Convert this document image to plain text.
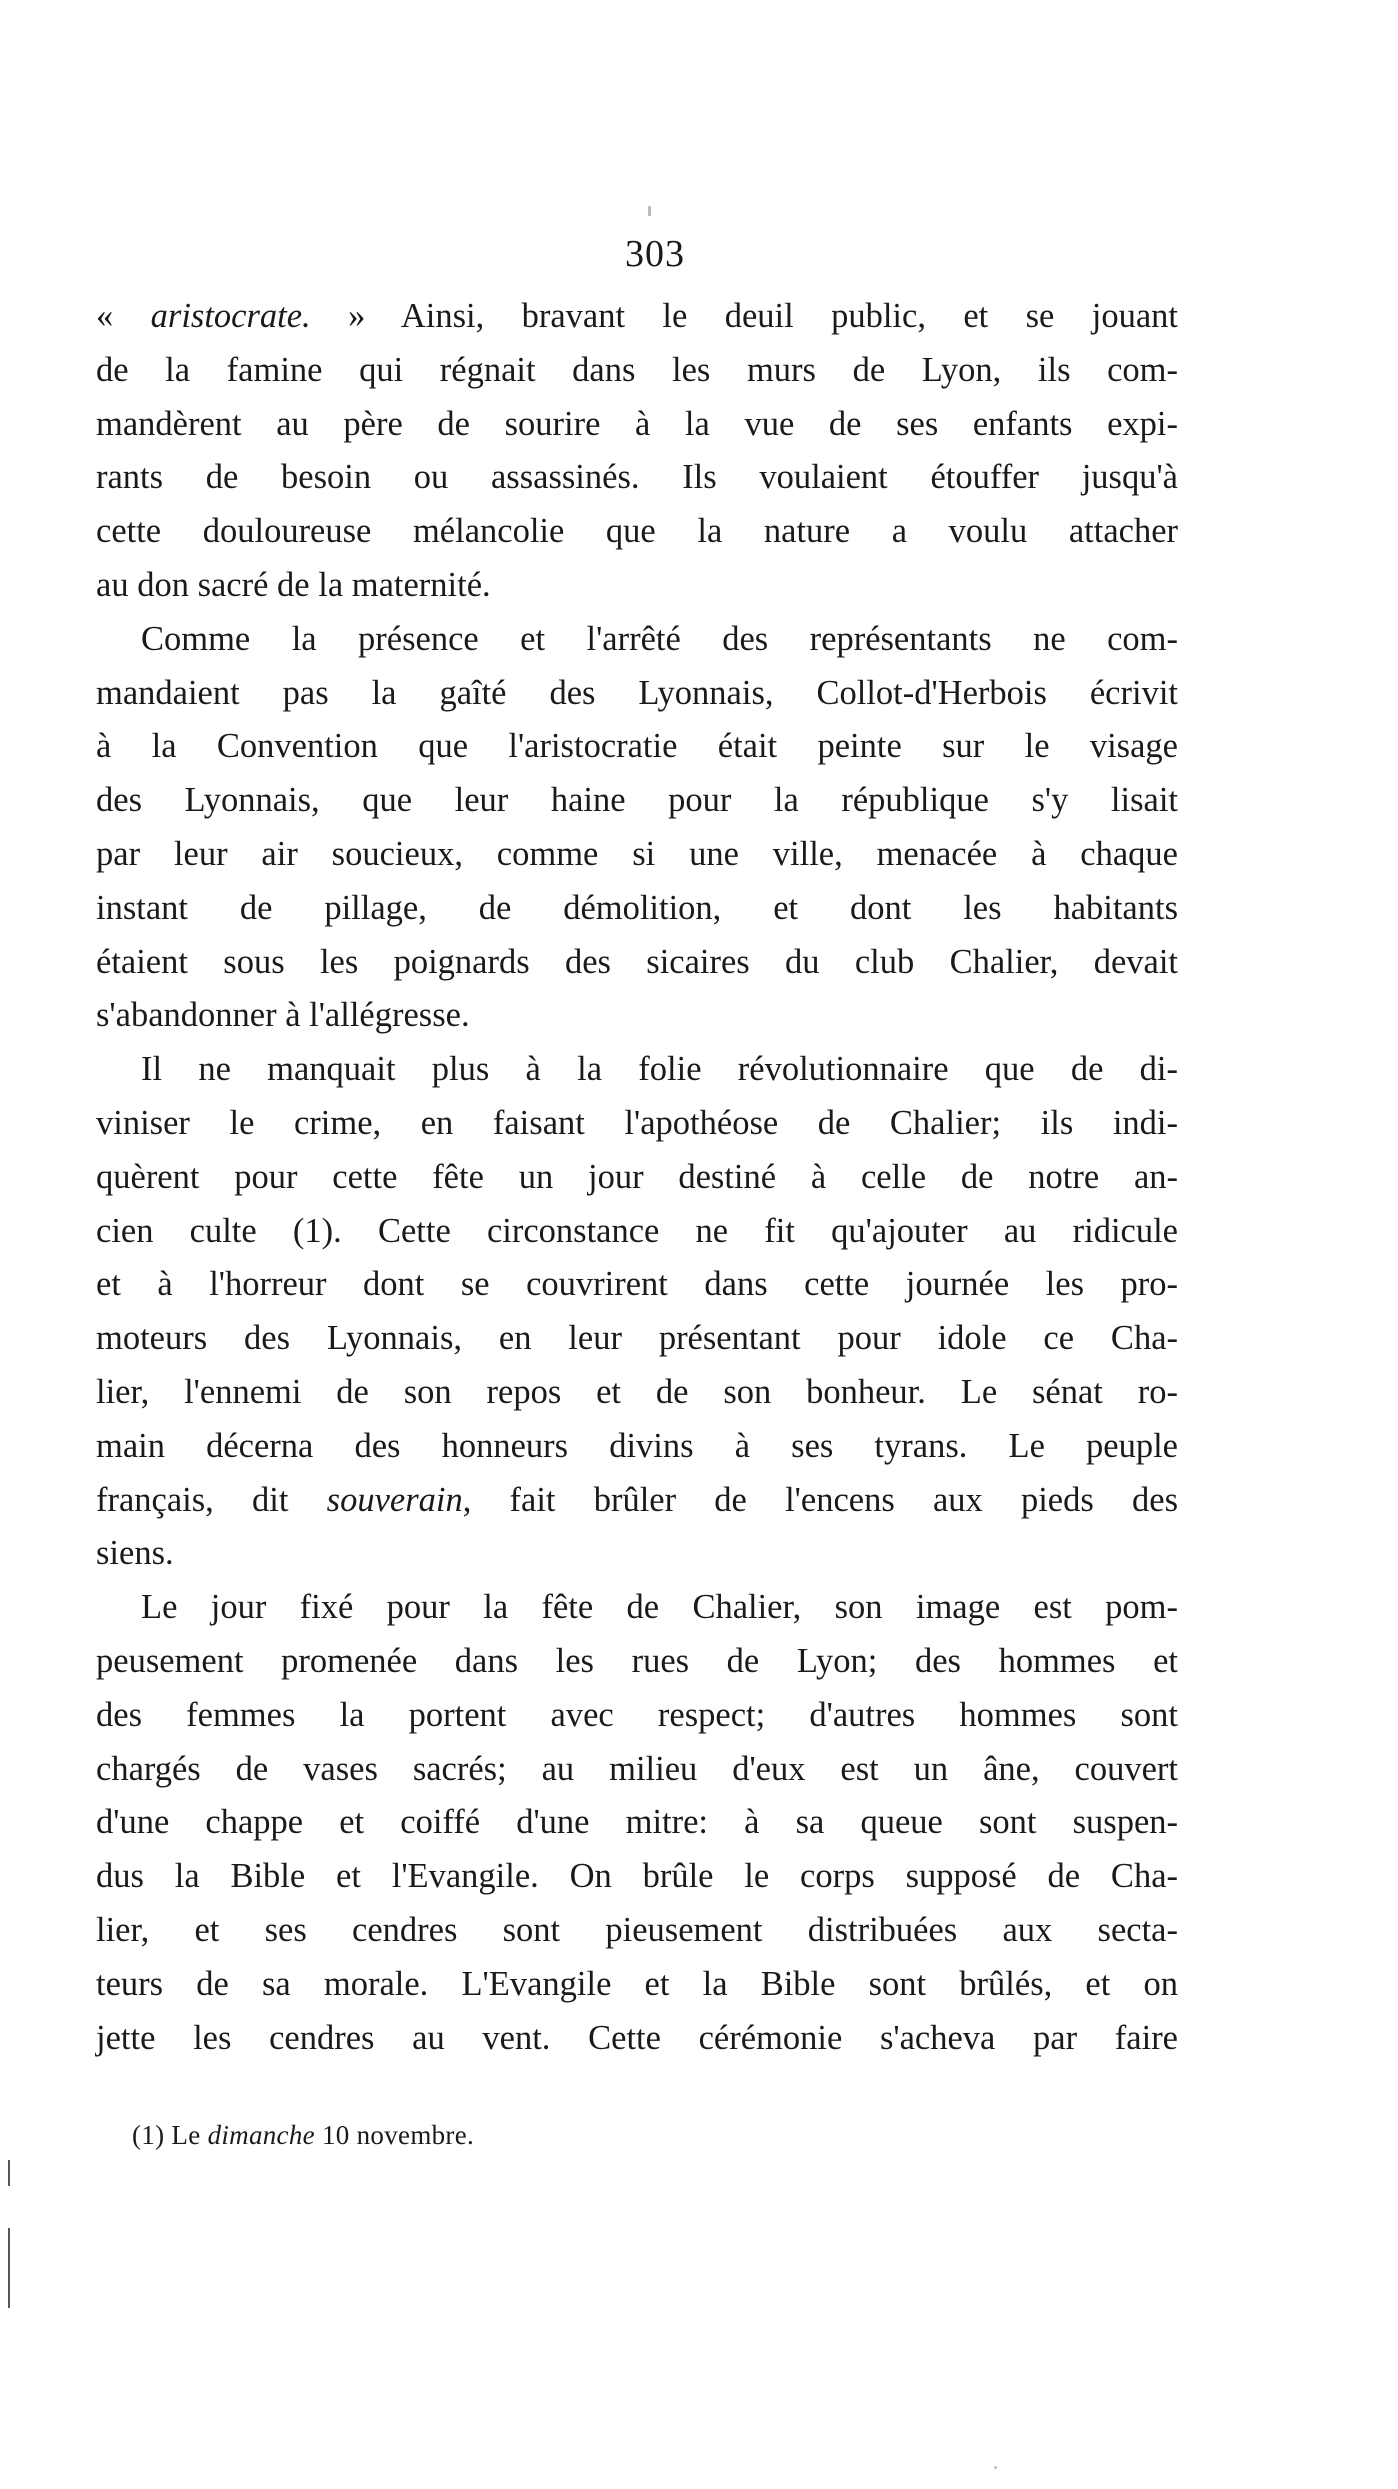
303
« aristocrate. » Ainsi, bravant le deuil public, et se jouant
de la famine qui régnait dans les murs de Lyon, ils com-
mandèrent au père de sourire à la vue de ses enfants expi-
rants de besoin ou assassinés. Ils voulaient étouffer jusqu'à
cette douloureuse mélancolie que la nature a voulu attacher
au don sacré de la maternité.
Comme la présence et l'arrêté des représentants ne com-
mandaient pas la gaîté des Lyonnais, Collot-d'Herbois écrivit
à la Convention que l'aristocratie était peinte sur le visage
des Lyonnais, que leur haine pour la république s'y lisait
par leur air soucieux, comme si une ville, menacée à chaque
instant de pillage, de démolition, et dont les habitants
étaient sous les poignards des sicaires du club Chalier, devait
s'abandonner à l'allégresse.
Il ne manquait plus à la folie révolutionnaire que de di-
viniser le crime, en faisant l'apothéose de Chalier; ils indi-
quèrent pour cette fête un jour destiné à celle de notre an-
cien culte (1). Cette circonstance ne fit qu'ajouter au ridicule
et à l'horreur dont se couvrirent dans cette journée les pro-
moteurs des Lyonnais, en leur présentant pour idole ce Cha-
lier, l'ennemi de son repos et de son bonheur. Le sénat ro-
main décerna des honneurs divins à ses tyrans. Le peuple
français, dit souverain, fait brûler de l'encens aux pieds des
siens.
Le jour fixé pour la fête de Chalier, son image est pom-
peusement promenée dans les rues de Lyon; des hommes et
des femmes la portent avec respect; d'autres hommes sont
chargés de vases sacrés; au milieu d'eux est un âne, couvert
d'une chappe et coiffé d'une mitre: à sa queue sont suspen-
dus la Bible et l'Evangile. On brûle le corps supposé de Cha-
lier, et ses cendres sont pieusement distribuées aux secta-
teurs de sa morale. L'Evangile et la Bible sont brûlés, et on
jette les cendres au vent. Cette cérémonie s'acheva par faire
(1) Le dimanche 10 novembre.
